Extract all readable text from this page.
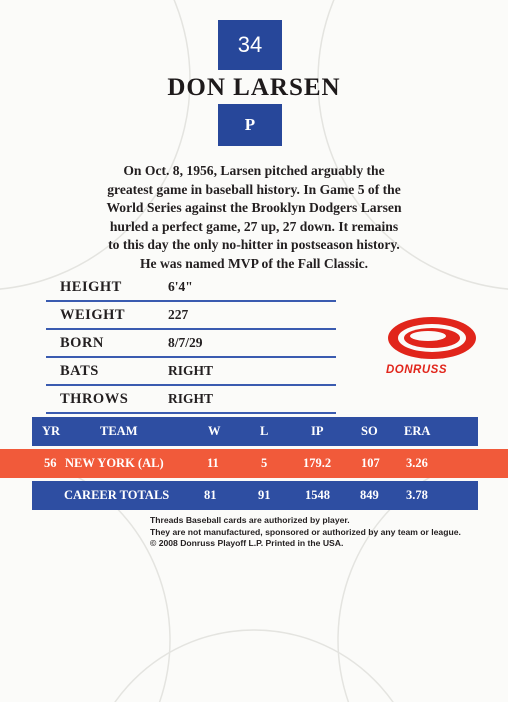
34
DON LARSEN
P
On Oct. 8, 1956, Larsen pitched arguably the greatest game in baseball history. In Game 5 of the World Series against the Brooklyn Dodgers Larsen hurled a perfect game, 27 up, 27 down. It remains to this day the only no-hitter in postseason history. He was named MVP of the Fall Classic.
HEIGHT	6'4"
WEIGHT	227
BORN	8/7/29
BATS	RIGHT
THROWS	RIGHT
DONRUSS
YR	TEAM	W	L	IP	SO ERA
56 NEW YORK (AL)	11	5	179.2 107 3.26
CAREER TOTALS	81	91	1548 849 3.78
Threads Baseball cards are authorized by player.
They are not manufactured, sponsored or authorized by any team or league.
© 2008 Donruss Playoff L.P. Printed in the USA.
